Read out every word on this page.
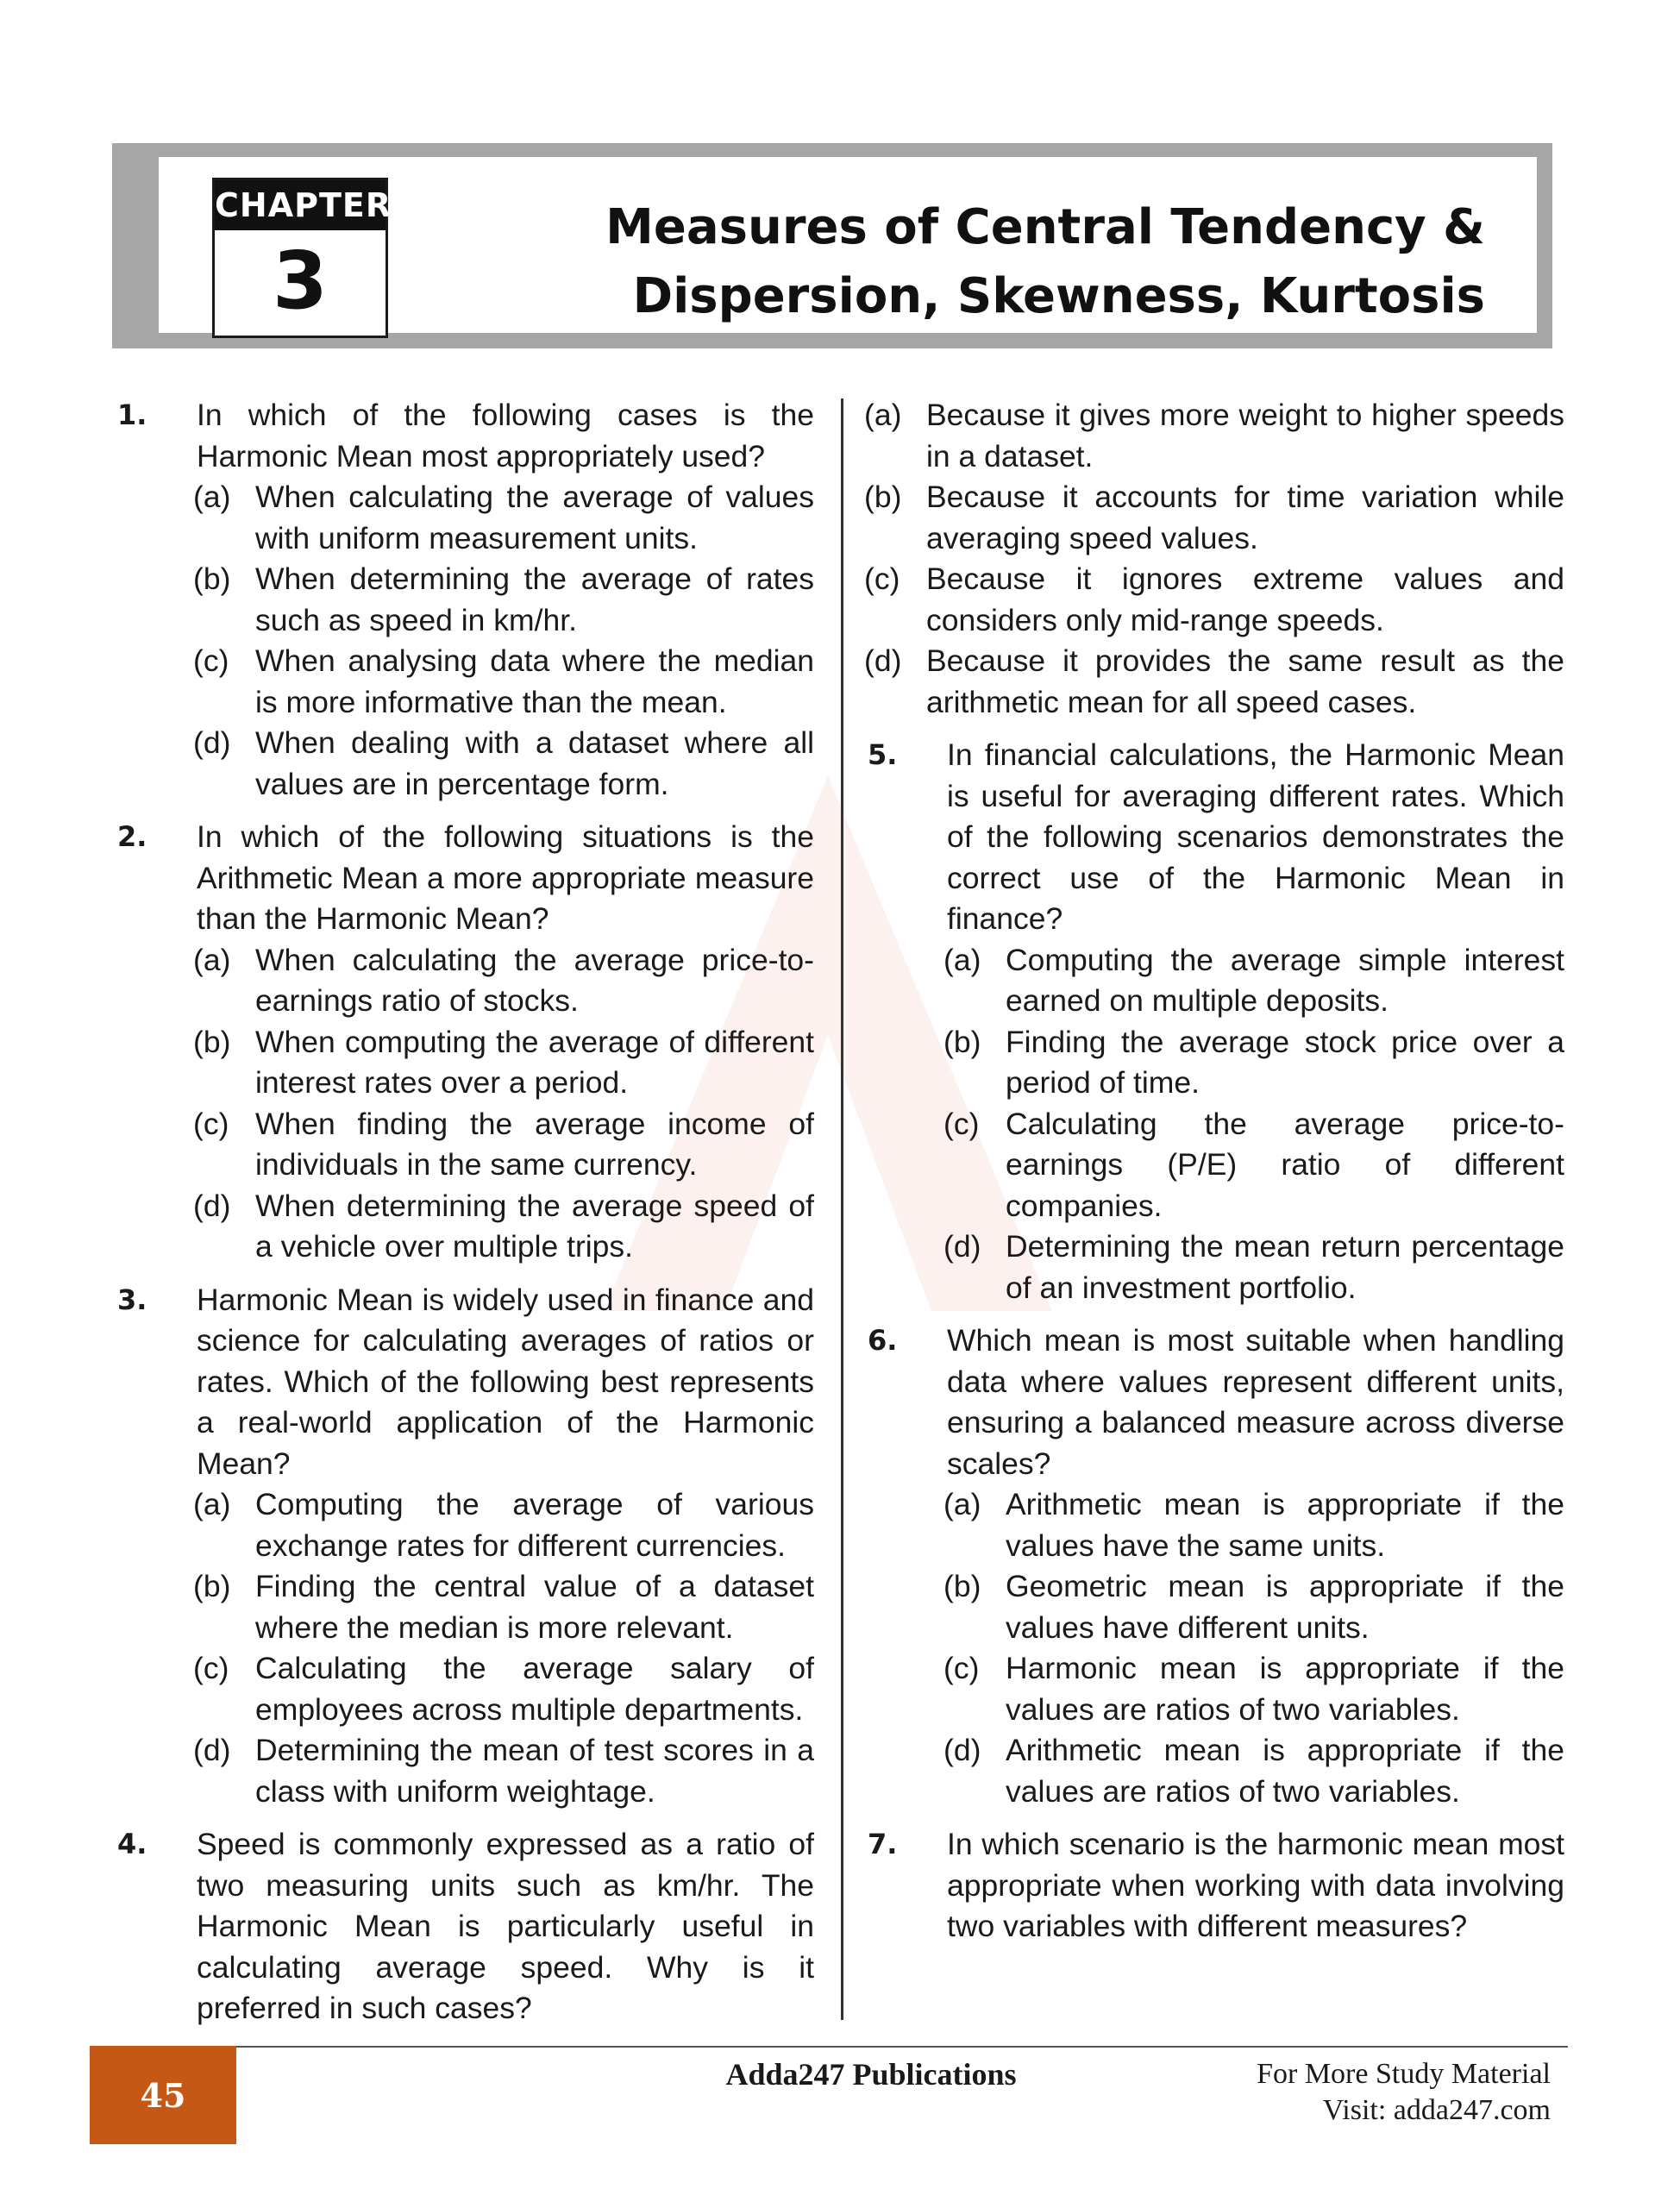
CHAPTER
3
Measures of Central Tendency &
Dispersion, Skewness, Kurtosis
1. In which of the following cases is the Harmonic Mean most appropriately used?
(a) When calculating the average of values with uniform measurement units.
(b) When determining the average of rates such as speed in km/hr.
(c) When analysing data where the median is more informative than the mean.
(d) When dealing with a dataset where all values are in percentage form.
2. In which of the following situations is the Arithmetic Mean a more appropriate measure than the Harmonic Mean?
(a) When calculating the average price-to-earnings ratio of stocks.
(b) When computing the average of different interest rates over a period.
(c) When finding the average income of individuals in the same currency.
(d) When determining the average speed of a vehicle over multiple trips.
3. Harmonic Mean is widely used in finance and science for calculating averages of ratios or rates. Which of the following best represents a real-world application of the Harmonic Mean?
(a) Computing the average of various exchange rates for different currencies.
(b) Finding the central value of a dataset where the median is more relevant.
(c) Calculating the average salary of employees across multiple departments.
(d) Determining the mean of test scores in a class with uniform weightage.
4. Speed is commonly expressed as a ratio of two measuring units such as km/hr. The Harmonic Mean is particularly useful in calculating average speed. Why is it preferred in such cases?
(a) Because it gives more weight to higher speeds in a dataset.
(b) Because it accounts for time variation while averaging speed values.
(c) Because it ignores extreme values and considers only mid-range speeds.
(d) Because it provides the same result as the arithmetic mean for all speed cases.
5. In financial calculations, the Harmonic Mean is useful for averaging different rates. Which of the following scenarios demonstrates the correct use of the Harmonic Mean in finance?
(a) Computing the average simple interest earned on multiple deposits.
(b) Finding the average stock price over a period of time.
(c) Calculating the average price-to-earnings (P/E) ratio of different companies.
(d) Determining the mean return percentage of an investment portfolio.
6. Which mean is most suitable when handling data where values represent different units, ensuring a balanced measure across diverse scales?
(a) Arithmetic mean is appropriate if the values have the same units.
(b) Geometric mean is appropriate if the values have different units.
(c) Harmonic mean is appropriate if the values are ratios of two variables.
(d) Arithmetic mean is appropriate if the values are ratios of two variables.
7. In which scenario is the harmonic mean most appropriate when working with data involving two variables with different measures?
45
Adda247 Publications	For More Study Material
Visit: adda247.com
